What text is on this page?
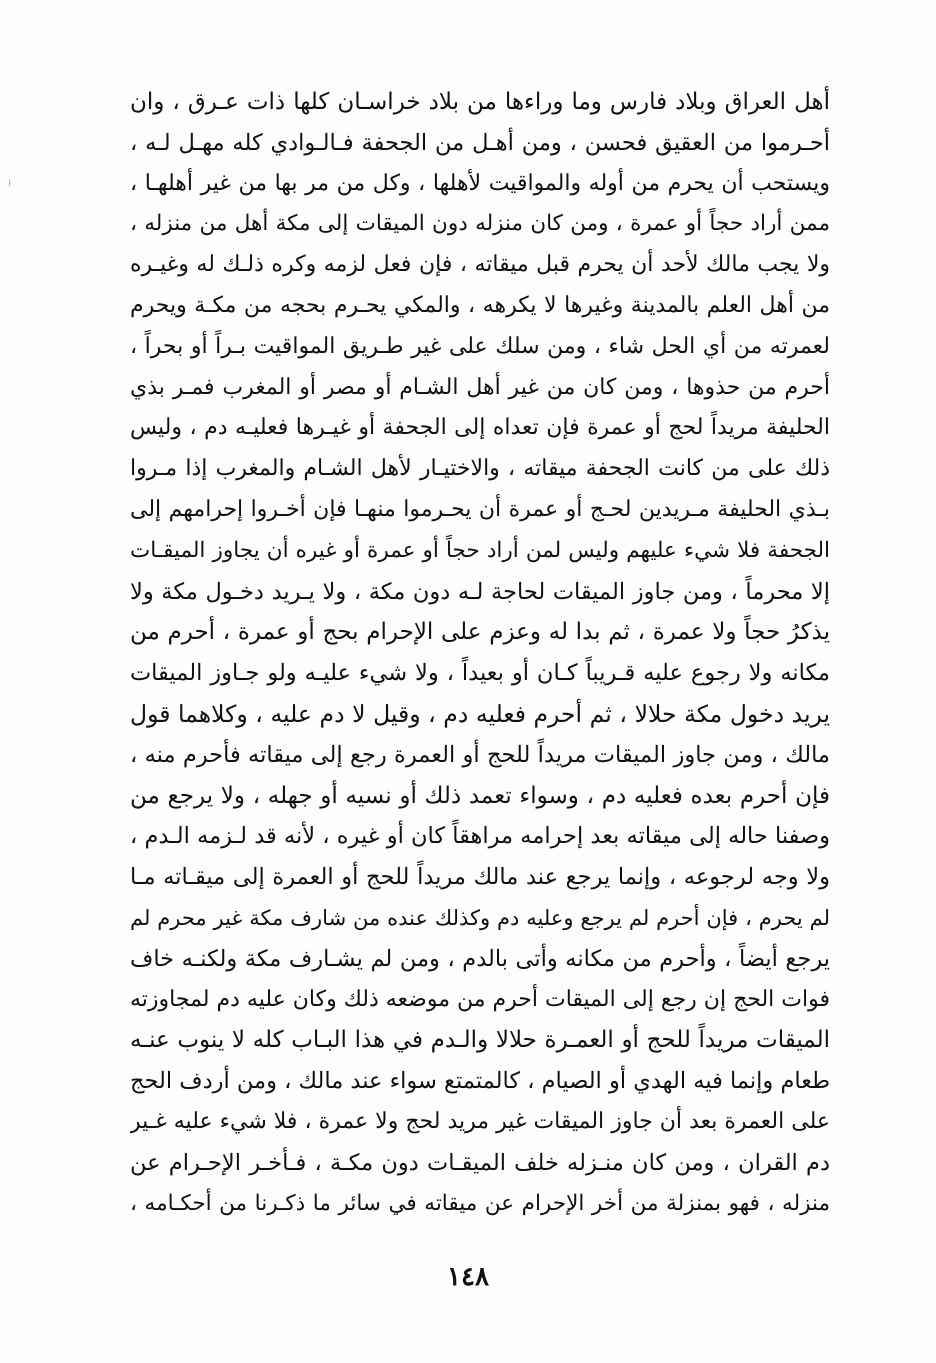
⁞
أهل العراق وبلاد فارس وما وراءها من بلاد خراسـان كلها ذات عـرق ، وان
أحـرموا من العقيق فحسن ، ومن أهـل من الجحفة فـالـوادي كله مهـل لـه ،
ويستحب أن يحرم من أوله والمواقيت لأهلها ، وكل من مر بها من غير أهلهـا ،
ممن أراد حجاً أو عمرة ، ومن كان منزله دون الميقات إلى مكة أهل من منزله ،
ولا يجب مالك لأحد أن يحرم قبل ميقاته ، فإن فعل لزمه وكره ذلـك له وغيـره
من أهل العلم بالمدينة وغيرها لا يكرهه ، والمكي يحـرم بحجه من مكـة ويحرم
لعمرته من أي الحل شاء ، ومن سلك على غير طـريق المواقيت بـراً أو بحراً ،
أحرم من حذوها ، ومن كان من غير أهل الشـام أو مصر أو المغرب فمـر بذي
الحليفة مريداً لحج أو عمرة فإن تعداه إلى الجحفة أو غيـرها فعليـه دم ، وليس
ذلك على من كانت الجحفة ميقاته ، والاختيـار لأهل الشـام والمغرب إذا مـروا
بـذي الحليفة مـريدين لحـج أو عمرة أن يحـرموا منهـا فإن أخـروا إحرامهم إلى
الجحفة فلا شيء عليهم وليس لمن أراد حجاً أو عمرة أو غيره أن يجاوز الميقـات
إلا محرماً ، ومن جاوز الميقات لحاجة لـه دون مكة ، ولا يـريد دخـول مكة ولا
يذكرُ حجاً ولا عمرة ، ثم بدا له وعزم على الإحرام بحج أو عمرة ، أحرم من
مكانه ولا رجوع عليه قـريباً كـان أو بعيداً ، ولا شيء عليـه ولو جـاوز الميقات
يريد دخول مكة حلالا ، ثم أحرم فعليه دم ، وقيل لا دم عليه ، وكلاهما قول
مالك ، ومن جاوز الميقات مريداً للحج أو العمرة رجع إلى ميقاته فأحرم منه ،
فإن أحرم بعده فعليه دم ، وسواء تعمد ذلك أو نسيه أو جهله ، ولا يرجع من
وصفنا حاله إلى ميقاته بعد إحرامه مراهقاً كان أو غيره ، لأنه قد لـزمه الـدم ،
ولا وجه لرجوعه ، وإنما يرجع عند مالك مريداً للحج أو العمرة إلى ميقـاته مـا
لم يحرم ، فإن أحرم لم يرجع وعليه دم وكذلك عنده من شارف مكة غير محرم لم
يرجع أيضاً ، وأحرم من مكانه وأتى بالدم ، ومن لم يشـارف مكة ولكنـه خاف
فوات الحج إن رجع إلى الميقات أحرم من موضعه ذلك وكان عليه دم لمجاوزته
الميقات مريداً للحج أو العمـرة حلالا والـدم في هذا البـاب كله لا ينوب عنـه
طعام وإنما فيه الهدي أو الصيام ، كالمتمتع سواء عند مالك ، ومن أردف الحج
على العمرة بعد أن جاوز الميقات غير مريد لحج ولا عمرة ، فلا شيء عليه غـير
دم القران ، ومن كان منـزله خلف الميقـات دون مكـة ، فـأخـر الإحـرام عن
منزله ، فهو بمنزلة من أخر الإحرام عن ميقاته في سائر ما ذكـرنا من أحكـامه ،
١٤٨
